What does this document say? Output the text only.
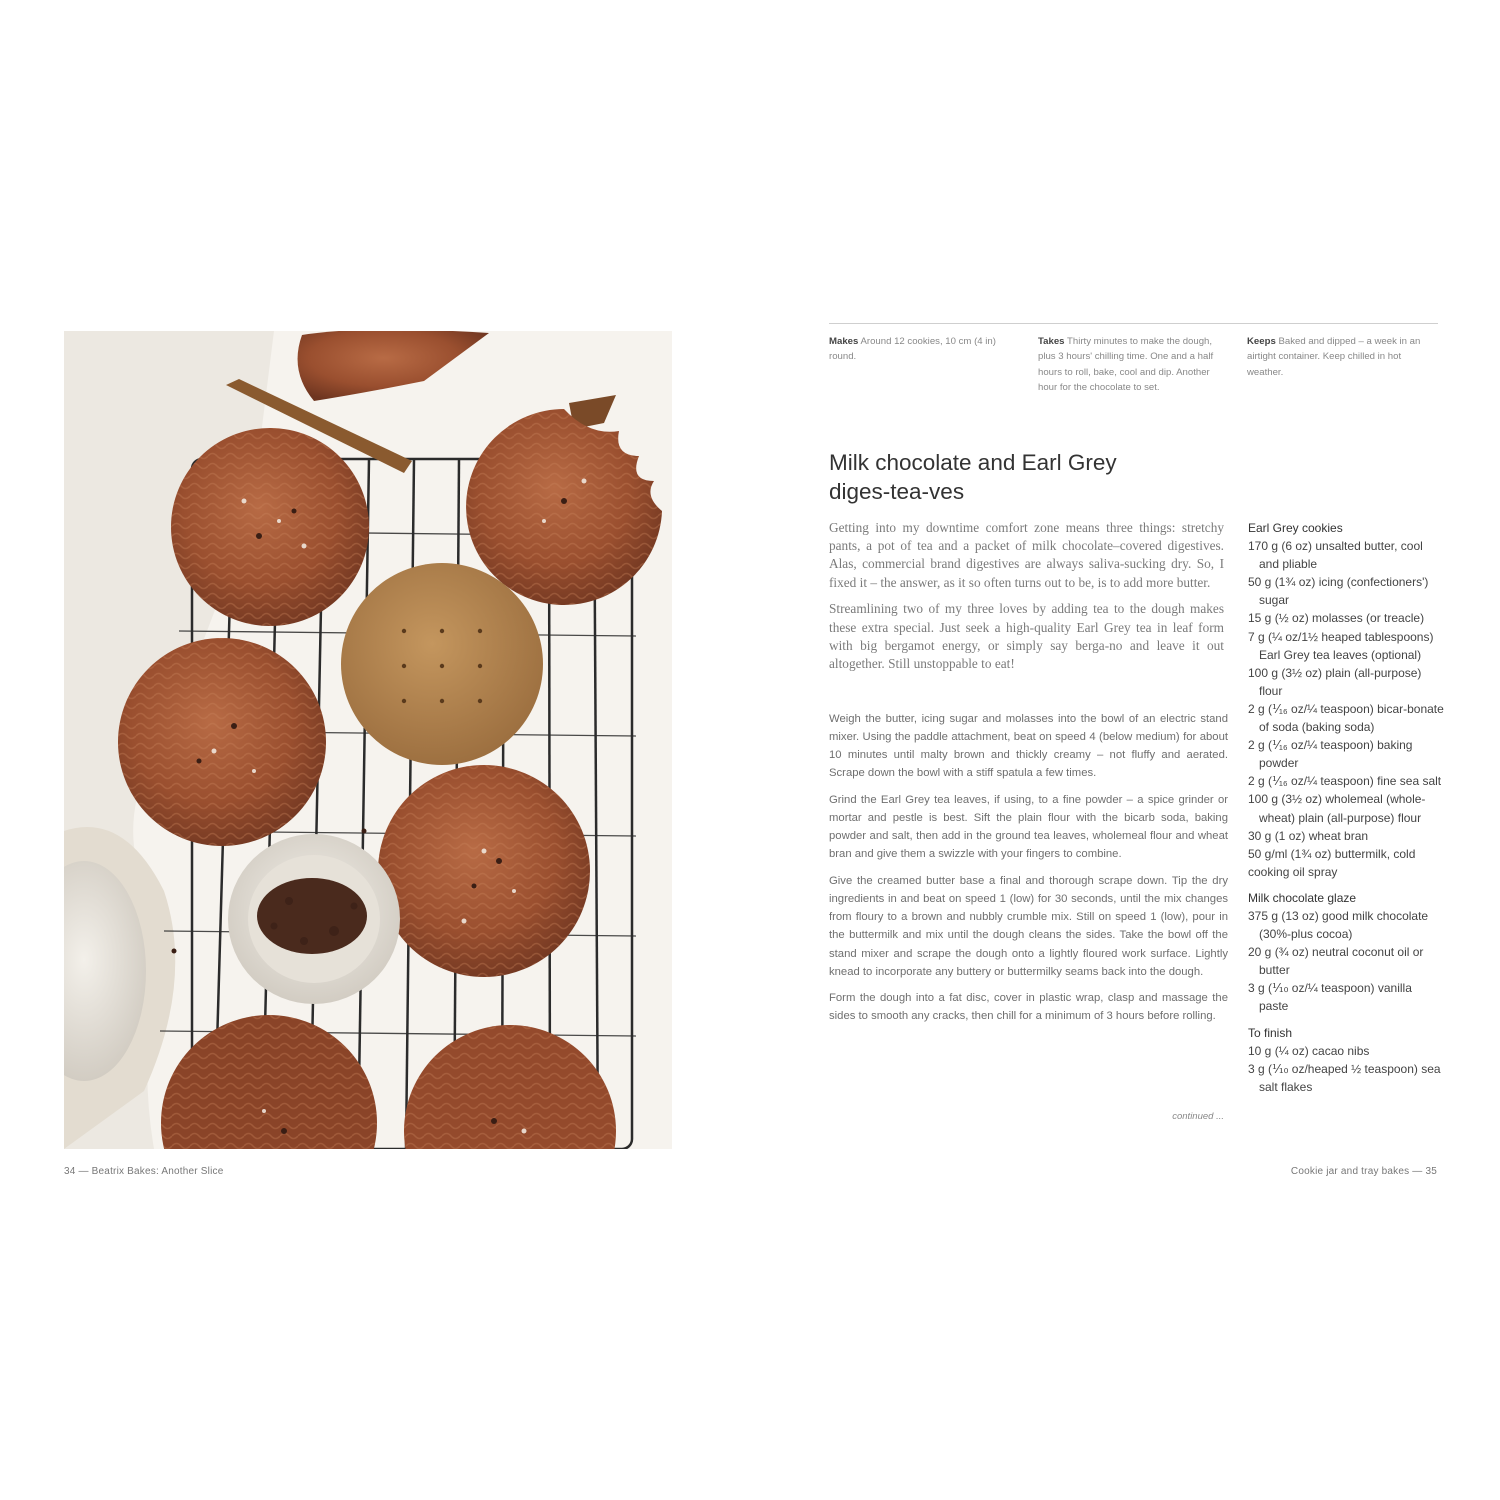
34 — Beatrix Bakes: Another Slice
Makes Around 12 cookies, 10 cm (4 in) round.
Takes Thirty minutes to make the dough, plus 3 hours' chilling time. One and a half hours to roll, bake, cool and dip. Another hour for the chocolate to set.
Keeps Baked and dipped – a week in an airtight container. Keep chilled in hot weather.
Milk chocolate and Earl Grey
diges-tea-ves

Getting into my downtime comfort zone means three things: stretchy pants, a pot of tea and a packet of milk chocolate–covered digestives. Alas, commercial brand digestives are always saliva-sucking dry. So, I fixed it – the answer, as it so often turns out to be, is to add more butter.

Streamlining two of my three loves by adding tea to the dough makes these extra special. Just seek a high-quality Earl Grey tea in leaf form with big bergamot energy, or simply say berga-no and leave it out altogether. Still unstoppable to eat!

Weigh the butter, icing sugar and molasses into the bowl of an electric stand mixer. Using the paddle attachment, beat on speed 4 (below medium) for about 10 minutes until malty brown and thickly creamy – not fluffy and aerated. Scrape down the bowl with a stiff spatula a few times.

Grind the Earl Grey tea leaves, if using, to a fine powder – a spice grinder or mortar and pestle is best. Sift the plain flour with the bicarb soda, baking powder and salt, then add in the ground tea leaves, wholemeal flour and wheat bran and give them a swizzle with your fingers to combine.

Give the creamed butter base a final and thorough scrape down. Tip the dry ingredients in and beat on speed 1 (low) for 30 seconds, until the mix changes from floury to a brown and nubbly crumble mix. Still on speed 1 (low), pour in the buttermilk and mix until the dough cleans the sides. Take the bowl off the stand mixer and scrape the dough onto a lightly floured work surface. Lightly knead to incorporate any buttery or buttermilky seams back into the dough.

Form the dough into a fat disc, cover in plastic wrap, clasp and massage the sides to smooth any cracks, then chill for a minimum of 3 hours before rolling.

continued ...
Earl Grey cookies
170 g (6 oz) unsalted butter, cool and pliable
50 g (1¾ oz) icing (confectioners') sugar
15 g (½ oz) molasses (or treacle)
7 g (¼ oz/1½ heaped tablespoons) Earl Grey tea leaves (optional)
100 g (3½ oz) plain (all-purpose) flour
2 g (⅟₁₆ oz/¼ teaspoon) bicar-bonate of soda (baking soda)
2 g (⅟₁₆ oz/¼ teaspoon) baking powder
2 g (⅟₁₆ oz/¼ teaspoon) fine sea salt
100 g (3½ oz) wholemeal (whole-wheat) plain (all-purpose) flour
30 g (1 oz) wheat bran
50 g/ml (1¾ oz) buttermilk, cold
cooking oil spray
Milk chocolate glaze
375 g (13 oz) good milk chocolate (30%-plus cocoa)
20 g (¾ oz) neutral coconut oil or butter
3 g (⅒ oz/¼ teaspoon) vanilla paste
To finish
10 g (¼ oz) cacao nibs
3 g (⅒ oz/heaped ½ teaspoon) sea salt flakes
Cookie jar and tray bakes — 35
